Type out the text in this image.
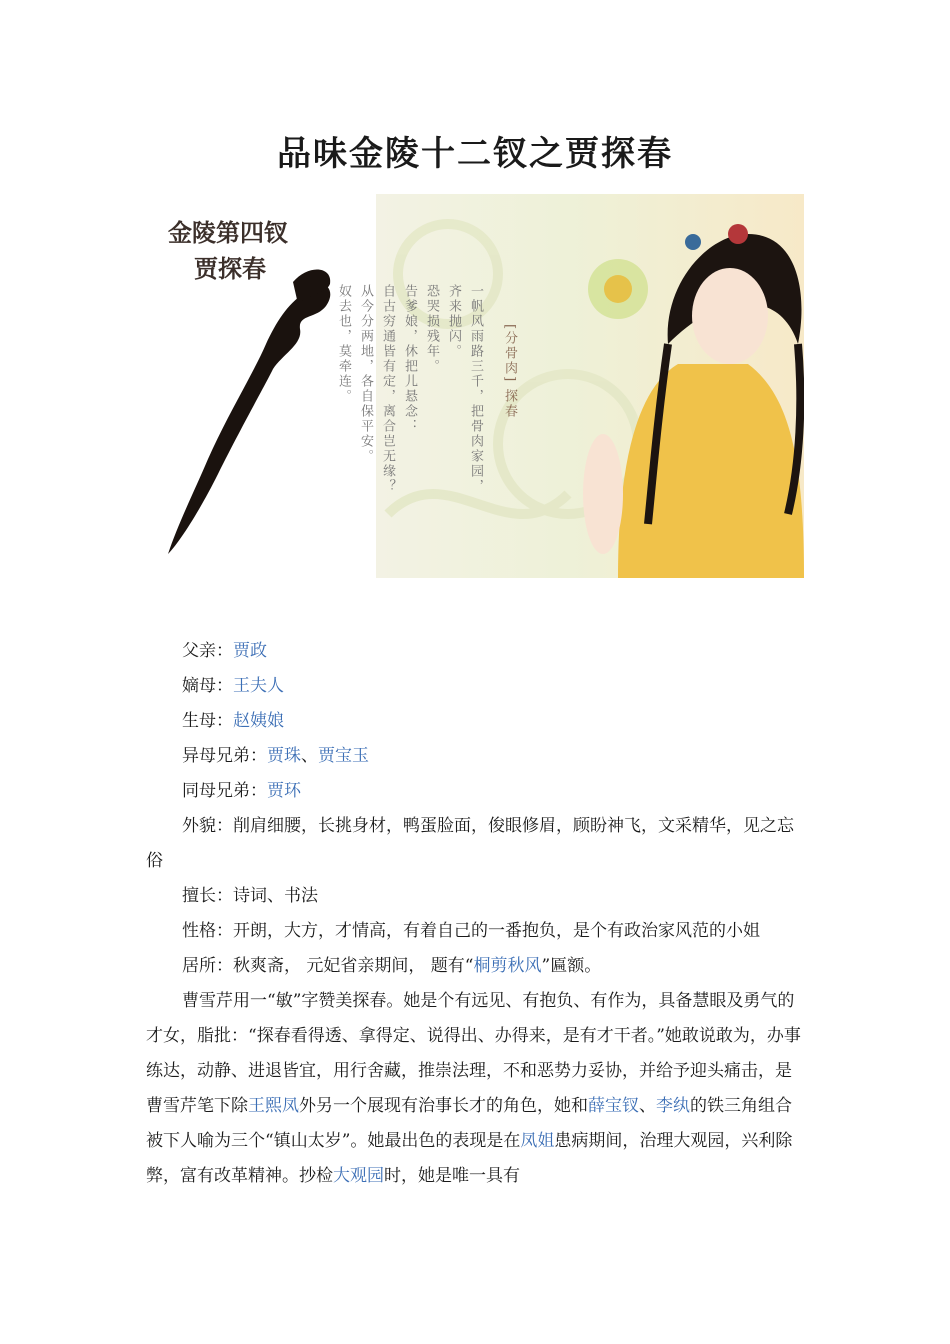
品味金陵十二钗之贾探春
金陵第四钗
贾探春
[分骨肉] 探春
一帆风雨路三千，把骨肉家园，
齐来抛闪。
恐哭损残年。
告爹娘，休把儿悬念：
自古穷通皆有定，离合岂无缘？
从今分两地，各自保平安。
奴去也，莫牵连。

父亲：贾政

嫡母：王夫人

生母：赵姨娘

异母兄弟：贾珠、贾宝玉

同母兄弟：贾环

外貌：削肩细腰，长挑身材，鸭蛋脸面，俊眼修眉，顾盼神飞，文采精华，见之忘俗

擅长：诗词、书法

性格：开朗，大方，才情高，有着自己的一番抱负，是个有政治家风范的小姐

居所：秋爽斋， 元妃省亲期间， 题有“桐剪秋风”匾额。

曹雪芹用一“敏”字赞美探春。她是个有远见、有抱负、有作为，具备慧眼及勇气的才女，脂批：“探春看得透、拿得定、说得出、办得来，是有才干者。”她敢说敢为，办事练达，动静、进退皆宜，用行舍藏，推崇法理，不和恶势力妥协，并给予迎头痛击，是曹雪芹笔下除王熙凤外另一个展现有治事长才的角色，她和薛宝钗、李纨的铁三角组合被下人喻为三个“镇山太岁”。她最出色的表现是在凤姐患病期间，治理大观园，兴利除弊，富有改革精神。抄检大观园时，她是唯一具有
